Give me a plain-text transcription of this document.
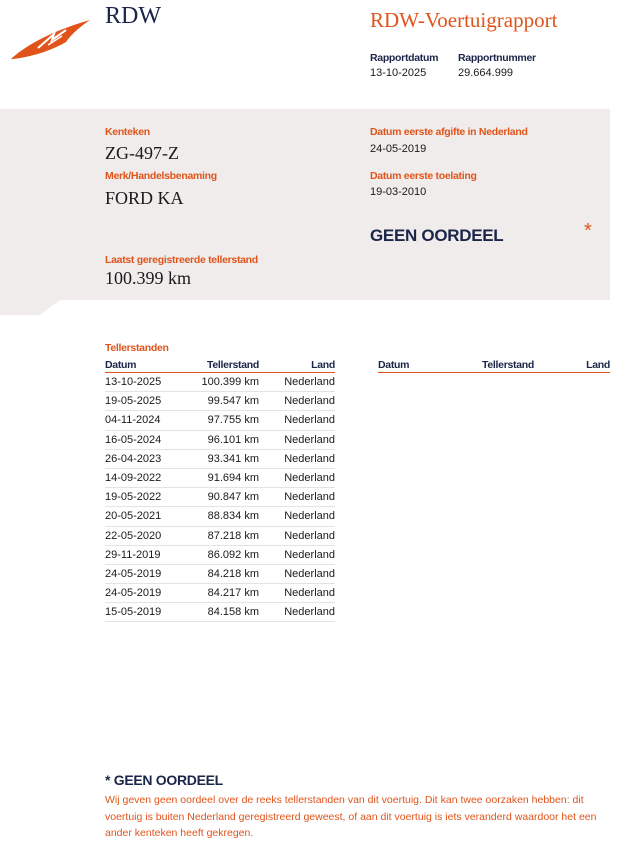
RDW	RDW-Voertuigrapport
Rapportdatum
13-10-2025
Rapportnummer
29.664.999
Kenteken
ZG-497-Z
Merk/Handelsbenaming
FORD KA
Datum eerste afgifte in Nederland
24-05-2019
Datum eerste toelating
19-03-2010
GEEN OORDEEL	*
Laatst geregistreerde tellerstand
100.399 km
Tellerstanden
Datum	Tellerstand	Land
13-10-2025	100.399 km	Nederland
19-05-2025	99.547 km	Nederland
04-11-2024	97.755 km	Nederland
16-05-2024	96.101 km	Nederland
26-04-2023	93.341 km	Nederland
14-09-2022	91.694 km	Nederland
19-05-2022	90.847 km	Nederland
20-05-2021	88.834 km	Nederland
22-05-2020	87.218 km	Nederland
29-11-2019	86.092 km	Nederland
24-05-2019	84.218 km	Nederland
24-05-2019	84.217 km	Nederland
15-05-2019	84.158 km	Nederland
Datum	Tellerstand	Land
* GEEN OORDEEL
Wij geven geen oordeel over de reeks tellerstanden van dit voertuig. Dit kan twee oorzaken hebben: dit voertuig is buiten Nederland geregistreerd geweest, of aan dit voertuig is iets veranderd waardoor het een ander kenteken heeft gekregen.
